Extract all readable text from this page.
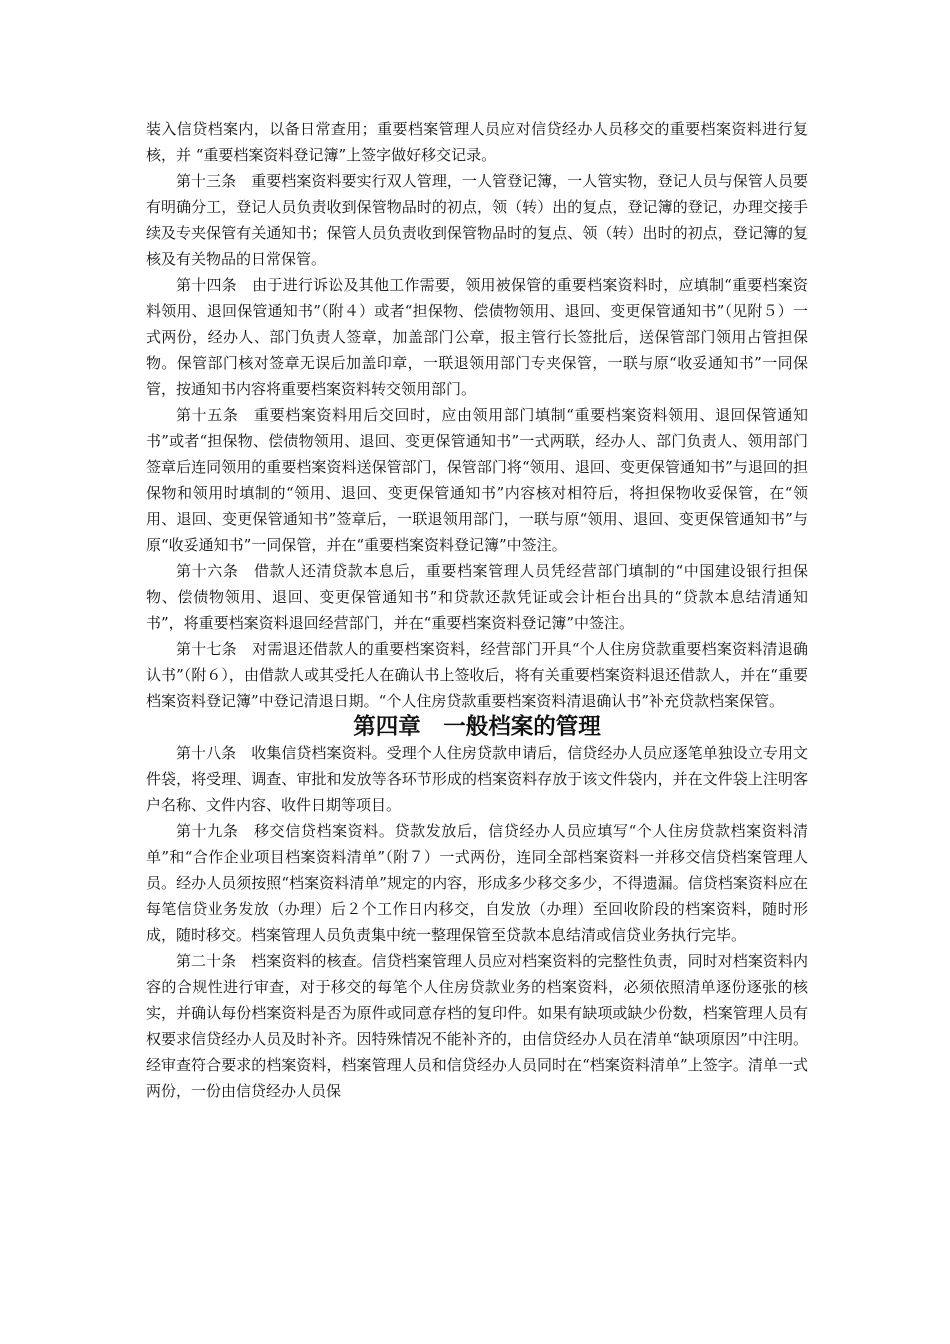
装入信贷档案内，以备日常查用；重要档案管理人员应对信贷经办人员移交的重要档案资料进行复核，并 “重要档案资料登记簿”上签字做好移交记录。

第十三条　重要档案资料要实行双人管理，一人管登记簿，一人管实物，登记人员与保管人员要有明确分工，登记人员负责收到保管物品时的初点，领（转）出的复点，登记簿的登记，办理交接手续及专夹保管有关通知书；保管人员负责收到保管物品时的复点、领（转）出时的初点，登记簿的复核及有关物品的日常保管。

第十四条　由于进行诉讼及其他工作需要，领用被保管的重要档案资料时，应填制“重要档案资料领用、退回保管通知书”（附４）或者“担保物、偿债物领用、退回、变更保管通知书”（见附５）一式两份，经办人、部门负责人签章，加盖部门公章，报主管行长签批后，送保管部门领用占管担保物。保管部门核对签章无误后加盖印章，一联退领用部门专夹保管，一联与原“收妥通知书”一同保管，按通知书内容将重要档案资料转交领用部门。

第十五条　重要档案资料用后交回时，应由领用部门填制“重要档案资料领用、退回保管通知书”或者“担保物、偿债物领用、退回、变更保管通知书”一式两联，经办人、部门负责人、领用部门签章后连同领用的重要档案资料送保管部门，保管部门将“领用、退回、变更保管通知书”与退回的担保物和领用时填制的“领用、退回、变更保管通知书”内容核对相符后，将担保物收妥保管，在“领用、退回、变更保管通知书”签章后，一联退领用部门，一联与原“领用、退回、变更保管通知书”与原“收妥通知书”一同保管，并在“重要档案资料登记簿”中签注。

第十六条　借款人还清贷款本息后，重要档案管理人员凭经营部门填制的“中国建设银行担保物、偿债物领用、退回、变更保管通知书”和贷款还款凭证或会计柜台出具的“贷款本息结清通知书”，将重要档案资料退回经营部门，并在“重要档案资料登记簿”中签注。

第十七条　对需退还借款人的重要档案资料，经营部门开具“个人住房贷款重要档案资料清退确认书”（附６），由借款人或其受托人在确认书上签收后，将有关重要档案资料退还借款人，并在“重要档案资料登记簿”中登记清退日期。“个人住房贷款重要档案资料清退确认书”补充贷款档案保管。

第四章　一般档案的管理

第十八条　收集信贷档案资料。受理个人住房贷款申请后，信贷经办人员应逐笔单独设立专用文件袋，将受理、调查、审批和发放等各环节形成的档案资料存放于该文件袋内，并在文件袋上注明客户名称、文件内容、收件日期等项目。

第十九条　移交信贷档案资料。贷款发放后，信贷经办人员应填写“个人住房贷款档案资料清单”和“合作企业项目档案资料清单”（附７）一式两份，连同全部档案资料一并移交信贷档案管理人员。经办人员须按照“档案资料清单”规定的内容，形成多少移交多少，不得遗漏。信贷档案资料应在每笔信贷业务发放（办理）后２个工作日内移交，自发放（办理）至回收阶段的档案资料，随时形成，随时移交。档案管理人员负责集中统一整理保管至贷款本息结清或信贷业务执行完毕。

第二十条　档案资料的核查。信贷档案管理人员应对档案资料的完整性负责，同时对档案资料内容的合规性进行审查，对于移交的每笔个人住房贷款业务的档案资料，必须依照清单逐份逐张的核实，并确认每份档案资料是否为原件或同意存档的复印件。如果有缺项或缺少份数，档案管理人员有权要求信贷经办人员及时补齐。因特殊情况不能补齐的，由信贷经办人员在清单“缺项原因”中注明。经审查符合要求的档案资料，档案管理人员和信贷经办人员同时在“档案资料清单”上签字。清单一式两份，一份由信贷经办人员保
